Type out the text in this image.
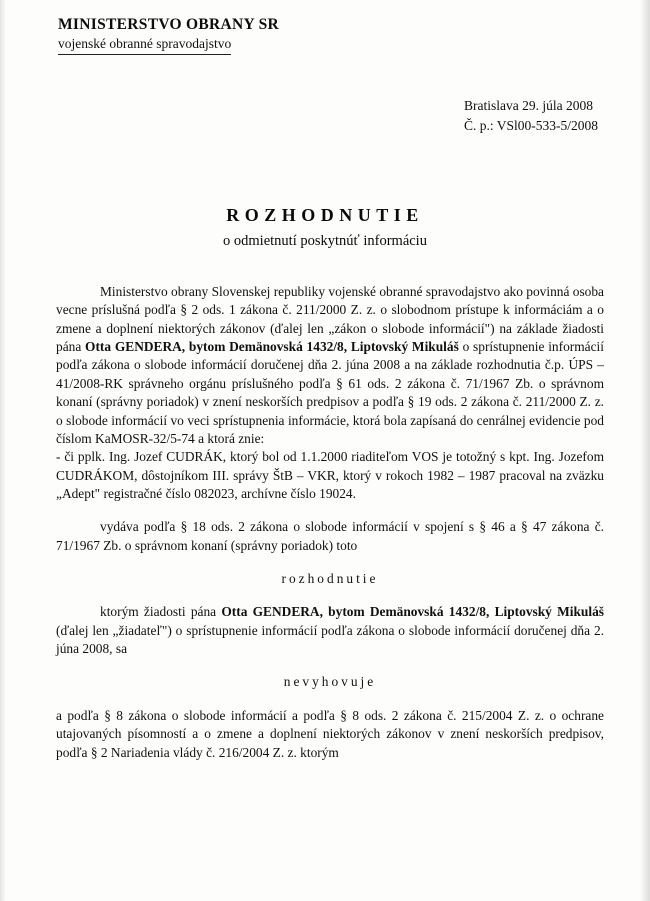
MINISTERSTVO OBRANY SR
vojenské obranné spravodajstvo
Bratislava 29. júla 2008
Č. p.: VSl00-533-5/2008
ROZHODNUTIE
o odmietnutí poskytnúť informáciu

Ministerstvo obrany Slovenskej republiky vojenské obranné spravodajstvo ako povinná osoba vecne príslušná podľa § 2 ods. 1 zákona č. 211/2000 Z. z. o slobodnom prístupe k informáciám a o zmene a doplnení niektorých zákonov (ďalej len „zákon o slobode informácií") na základe žiadosti pána Otta GENDERA, bytom Demänovská 1432/8, Liptovský Mikuláš o sprístupnenie informácií podľa zákona o slobode informácií doručenej dňa 2. júna 2008 a na základe rozhodnutia č.p. ÚPS – 41/2008-RK správneho orgánu príslušného podľa § 61 ods. 2 zákona č. 71/1967 Zb. o správnom konaní (správny poriadok) v znení neskorších predpisov a podľa § 19 ods. 2 zákona č. 211/2000 Z. z. o slobode informácií vo veci sprístupnenia informácie, ktorá bola zapísaná do cenrálnej evidencie pod číslom KaMOSR-32/5-74 a ktorá znie:

- či pplk. Ing. Jozef CUDRÁK, ktorý bol od 1.1.2000 riaditeľom VOS je totožný s kpt. Ing. Jozefom CUDRÁKOM, dôstojníkom III. správy ŠtB – VKR, ktorý v rokoch 1982 – 1987 pracoval na zväzku „Adept" registračné číslo 082023, archívne číslo 19024.

vydáva podľa § 18 ods. 2 zákona o slobode informácií v spojení s § 46 a § 47 zákona č. 71/1967 Zb. o správnom konaní (správny poriadok) toto

rozhodnutie

ktorým žiadosti pána Otta GENDERA, bytom Demänovská 1432/8, Liptovský Mikuláš (ďalej len „žiadateľ") o sprístupnenie informácií podľa zákona o slobode informácií doručenej dňa 2. júna 2008, sa

nevyhovuje

a podľa § 8 zákona o slobode informácií a podľa § 8 ods. 2 zákona č. 215/2004 Z. z. o ochrane utajovaných písomností a o zmene a doplnení niektorých zákonov v znení neskorších predpisov, podľa § 2 Nariadenia vlády č. 216/2004 Z. z. ktorým
